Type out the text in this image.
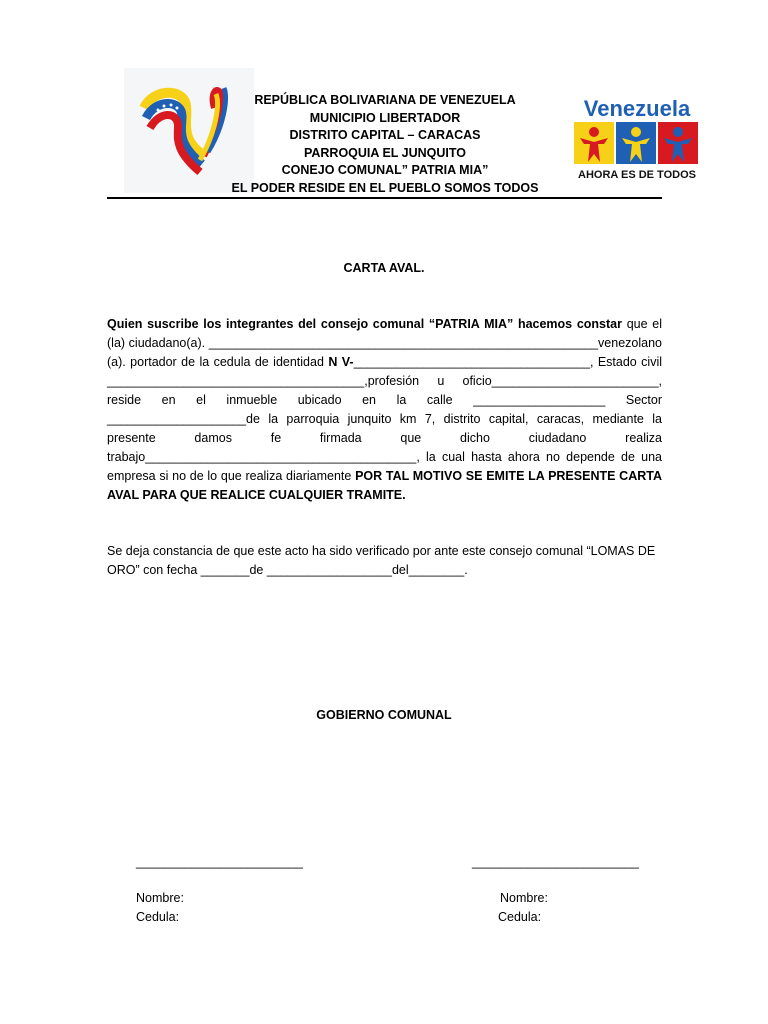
REPÚBLICA BOLIVARIANA DE VENEZUELA
MUNICIPIO LIBERTADOR
DISTRITO CAPITAL – CARACAS
PARROQUIA EL JUNQUITO
CONEJO COMUNAL” PATRIA MIA”
EL PODER RESIDE EN EL PUEBLO SOMOS TODOS
Venezuela
AHORA ES DE TODOS
CARTA AVAL.
Quien suscribe los integrantes del consejo comunal “PATRIA MIA” hacemos constar que el (la) ciudadano(a). ________________________________________________________venezolano (a). portador de la cedula de identidad N V-__________________________________, Estado civil _____________________________________,profesión u oficio________________________, reside en el inmueble ubicado en la calle ___________________ Sector ____________________de la parroquia junquito km 7, distrito capital, caracas, mediante la presente damos fe firmada que dicho ciudadano realiza trabajo_______________________________________, la cual hasta ahora no depende de una empresa si no de lo que realiza diariamente POR TAL MOTIVO SE EMITE LA PRESENTE CARTA AVAL PARA QUE REALICE CUALQUIER TRAMITE.
Se deja constancia de que este acto ha sido verificado por ante este consejo comunal “LOMAS DE ORO” con fecha _______de __________________del________.
GOBIERNO COMUNAL
________________________
Nombre:
Cedula:
________________________
Nombre:
Cedula:
